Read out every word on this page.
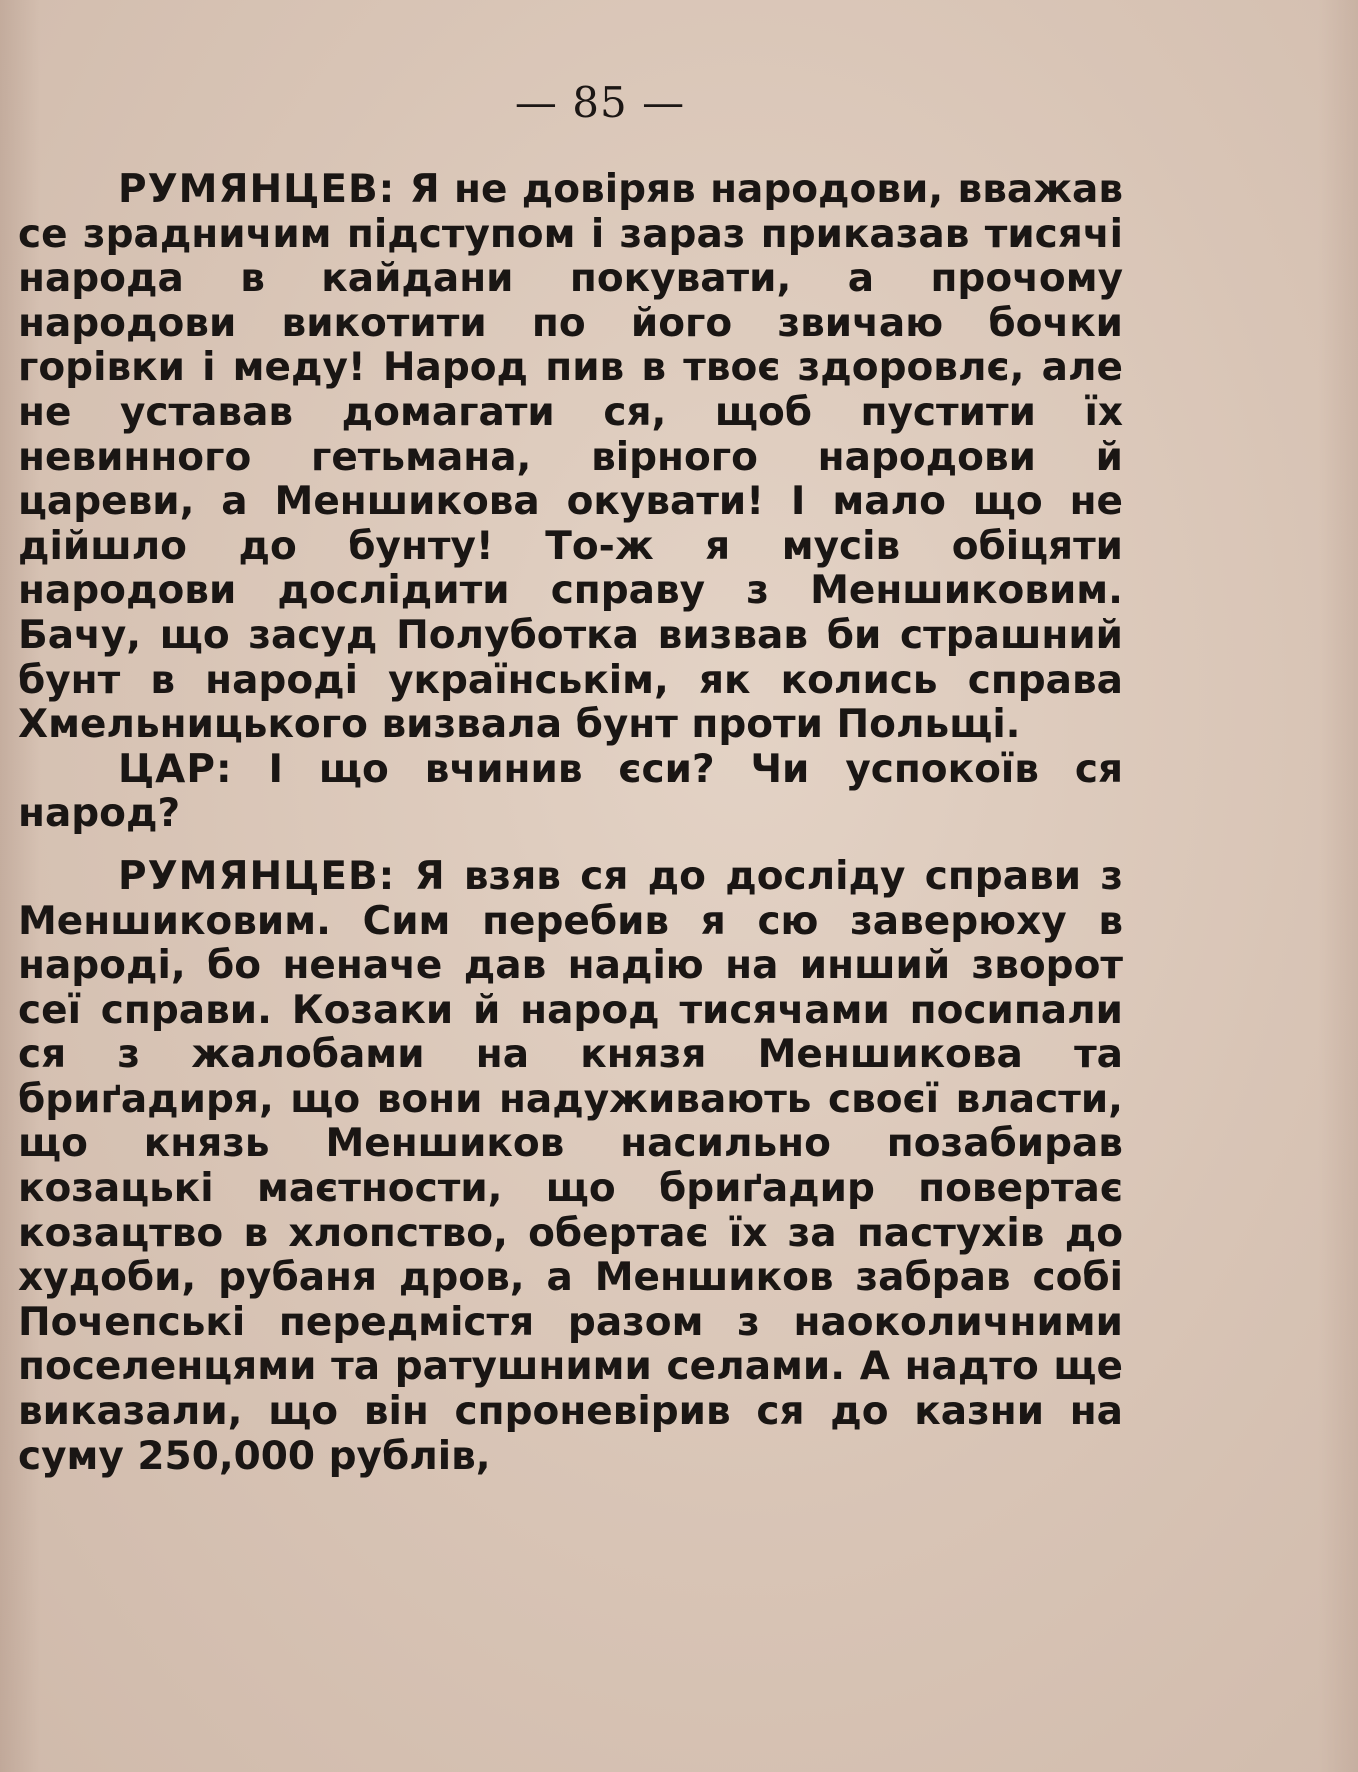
— 85 —

РУМЯНЦЕВ: Я не довіряв народови, вважав се зрадничим підступом і зараз приказав тисячі народа в кайдани покувати, а прочому народови викотити по його звичаю бочки горівки і меду! Народ пив в твоє здоровлє, але не уставав домагати ся, щоб пустити їх невинного гетьмана, вірного народови й цареви, а Меншикова окувати! І мало що не дійшло до бунту! То-ж я мусів обіцяти народови дослідити справу з Меншиковим. Бачу, що засуд Полуботка визвав би страшний бунт в народі українськім, як колись справа Хмельницького визвала бунт проти Польщі.

ЦАР: І що вчинив єси? Чи успокоїв ся народ?

РУМЯНЦЕВ: Я взяв ся до досліду справи з Меншиковим. Сим перебив я сю заверюху в народі, бо неначе дав надію на инший зворот сеї справи. Козаки й народ тисячами посипали ся з жалобами на князя Меншикова та бриґадиря, що вони надуживають своєї власти, що князь Меншиков насильно позабирав козацькі маєтности, що бриґадир повертає козацтво в хлопство, обертає їх за пастухів до худоби, рубаня дров, а Меншиков забрав собі Почепські передмістя разом з наоколичними поселенцями та ратушними селами. А надто ще виказали, що він спроневірив ся до казни на суму 250,000 рублів,
